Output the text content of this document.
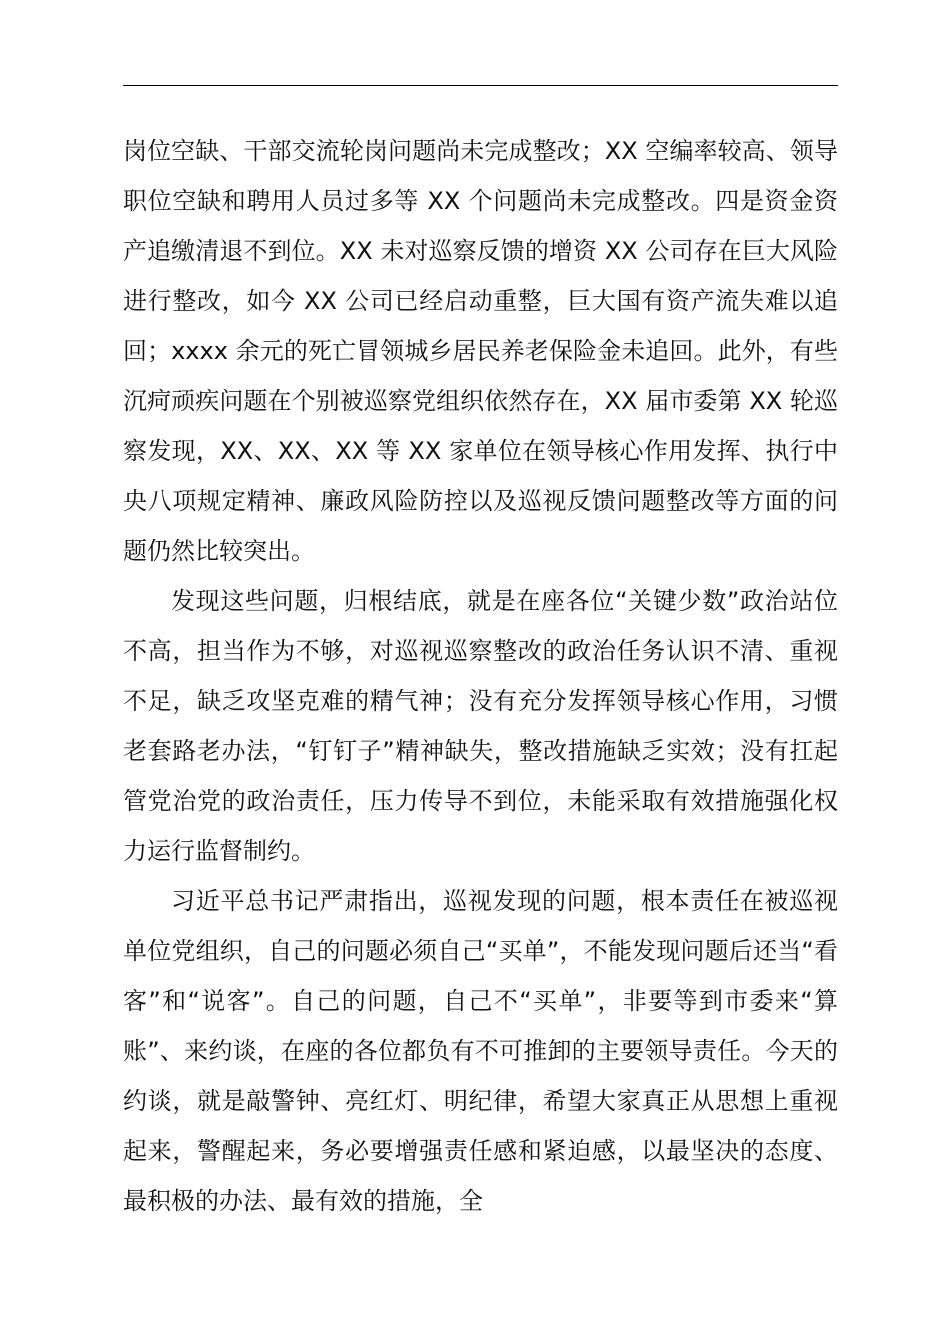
岗位空缺、干部交流轮岗问题尚未完成整改；XX 空编率较高、领导职位空缺和聘用人员过多等 XX 个问题尚未完成整改。四是资金资产追缴清退不到位。XX 未对巡察反馈的增资 XX 公司存在巨大风险进行整改，如今 XX 公司已经启动重整，巨大国有资产流失难以追回；xxxx 余元的死亡冒领城乡居民养老保险金未追回。此外，有些沉疴顽疾问题在个别被巡察党组织依然存在，XX 届市委第 XX 轮巡察发现，XX、XX、XX 等 XX 家单位在领导核心作用发挥、执行中央八项规定精神、廉政风险防控以及巡视反馈问题整改等方面的问题仍然比较突出。

发现这些问题，归根结底，就是在座各位“关键少数”政治站位不高，担当作为不够，对巡视巡察整改的政治任务认识不清、重视不足，缺乏攻坚克难的精气神；没有充分发挥领导核心作用，习惯老套路老办法，“钉钉子”精神缺失，整改措施缺乏实效；没有扛起管党治党的政治责任，压力传导不到位，未能采取有效措施强化权力运行监督制约。

习近平总书记严肃指出，巡视发现的问题，根本责任在被巡视单位党组织，自己的问题必须自己“买单”，不能发现问题后还当“看客”和“说客”。自己的问题，自己不“买单”，非要等到市委来“算账”、来约谈，在座的各位都负有不可推卸的主要领导责任。今天的约谈，就是敲警钟、亮红灯、明纪律，希望大家真正从思想上重视起来，警醒起来，务必要增强责任感和紧迫感，以最坚决的态度、最积极的办法、最有效的措施，全
